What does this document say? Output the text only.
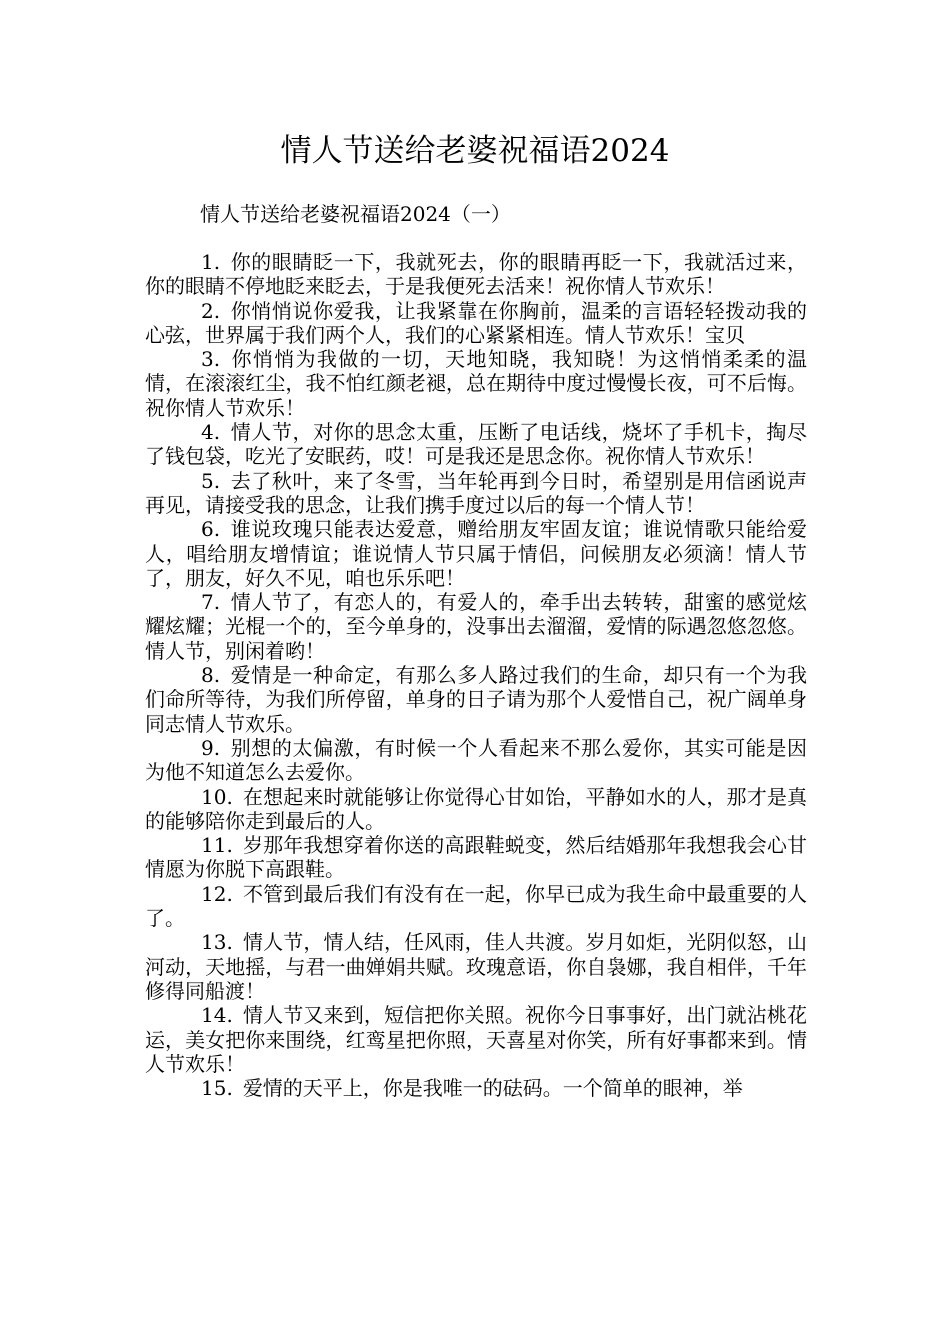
情人节送给老婆祝福语2024
情人节送给老婆祝福语2024（一）

1. 你的眼睛眨一下，我就死去，你的眼睛再眨一下，我就活过来，你的眼睛不停地眨来眨去，于是我便死去活来！祝你情人节欢乐！

2. 你悄悄说你爱我，让我紧靠在你胸前，温柔的言语轻轻拨动我的心弦，世界属于我们两个人，我们的心紧紧相连。情人节欢乐！宝贝

3. 你悄悄为我做的一切，天地知晓，我知晓！为这悄悄柔柔的温情，在滚滚红尘，我不怕红颜老褪，总在期待中度过慢慢长夜，可不后悔。祝你情人节欢乐！

4. 情人节，对你的思念太重，压断了电话线，烧坏了手机卡，掏尽了钱包袋，吃光了安眠药，哎！可是我还是思念你。祝你情人节欢乐！

5. 去了秋叶，来了冬雪，当年轮再到今日时，希望别是用信函说声再见，请接受我的思念，让我们携手度过以后的每一个情人节！

6. 谁说玫瑰只能表达爱意，赠给朋友牢固友谊；谁说情歌只能给爱人，唱给朋友增情谊；谁说情人节只属于情侣，问候朋友必须滴！情人节了，朋友，好久不见，咱也乐乐吧！

7. 情人节了，有恋人的，有爱人的，牵手出去转转，甜蜜的感觉炫耀炫耀；光棍一个的，至今单身的，没事出去溜溜，爱情的际遇忽悠忽悠。情人节，别闲着哟！

8. 爱情是一种命定，有那么多人路过我们的生命，却只有一个为我们命所等待，为我们所停留，单身的日子请为那个人爱惜自己，祝广阔单身同志情人节欢乐。

9. 别想的太偏激，有时候一个人看起来不那么爱你，其实可能是因为他不知道怎么去爱你。

10. 在想起来时就能够让你觉得心甘如饴，平静如水的人，那才是真的能够陪你走到最后的人。

11. 岁那年我想穿着你送的高跟鞋蜕变，然后结婚那年我想我会心甘情愿为你脱下高跟鞋。

12. 不管到最后我们有没有在一起，你早已成为我生命中最重要的人了。

13. 情人节，情人结，任风雨，佳人共渡。岁月如炬，光阴似怒，山河动，天地摇，与君一曲婵娟共赋。玫瑰意语，你自袅娜，我自相伴，千年修得同船渡！

14. 情人节又来到，短信把你关照。祝你今日事事好，出门就沾桃花运，美女把你来围绕，红鸾星把你照，天喜星对你笑，所有好事都来到。情人节欢乐！

15. 爱情的天平上，你是我唯一的砝码。一个简单的眼神，举
